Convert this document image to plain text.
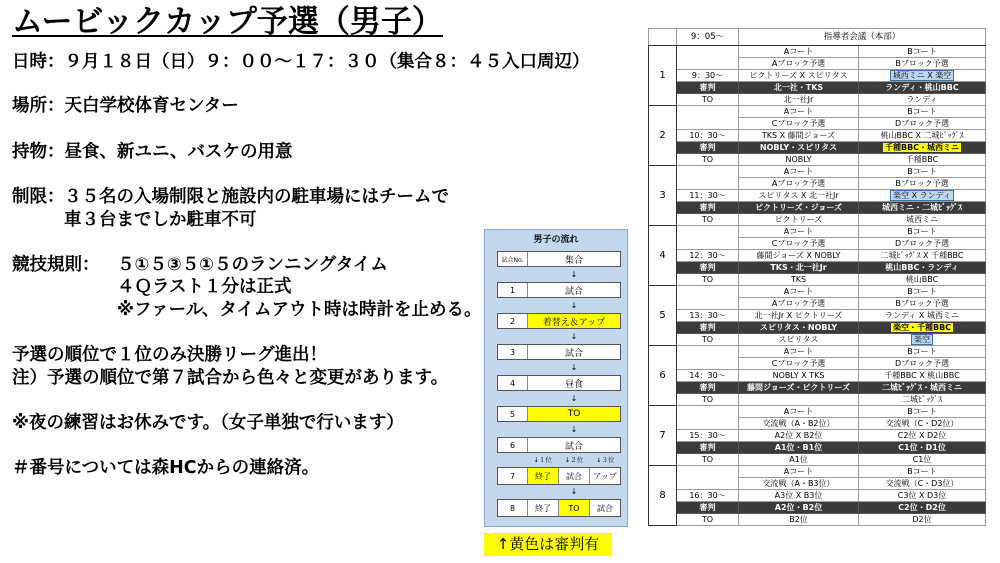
ムービックカップ予選（男子）
日時：９月１８日（日）９：００～１７：３０（集合８：４５入口周辺）
場所：天白学校体育センター
持物：昼食、新ユニ、バスケの用意
制限： ３５名の入場制限と施設内の駐車場にはチームで
車３台までしか駐車不可
競技規則： ５①５③５①５のランニングタイム
４Ｑラスト１分は正式
※ファール、タイムアウト時は時計を止める。
予選の順位で１位のみ決勝リーグ進出！
注）予選の順位で第７試合から色々と変更があります。
※夜の練習はお休みです。（女子単独で行います）
＃番号については森HCからの連絡済。
男子の流れ
試合No.	集合
↓
1	試合
↓
2	着替え＆アップ
↓
3	試合
↓
4	昼食
↓
5	TO
↓
6	試合
↓１位	↓２位	↓３位
7	終了	試合	アップ
↓
8	終了	TO	試合
↑黄色は審判有
	9：05～	指導者会議（本部）	
1		Aコート	Bコート
		Aブロック予選	Bブロック予選
	9：30～	ピクトリーズ X スピリタス	城西ミニ X 楽空
	審判	北一社・TKS	ランディ・桃山BBC
	TO	北一社Jr	ランディ
2		Aコート	Bコート
		Cブロック予選	Dブロック予選
	10：30～	TKS X 藤間ジョーズ	桃山BBC X 二城ﾋﾞｯｸﾞｽ
	審判	NOBLY・スピリタス	千種BBC・城西ミニ
	TO	NOBLY	千種BBC
3		Aコート	Bコート
		Aブロック予選	Bブロック予選
	11：30～	スピリタス X 北一社Jr	楽空 X ランディ
	審判	ピクトリーズ・ジョーズ	城西ミニ・二城ﾋﾞｯｸﾞｽ
	TO	ピクトリーズ	城西ミニ
4		Aコート	Bコート
		Cブロック予選	Dブロック予選
	12：30～	藤間ジョーズ X NOBLY	二城ﾋﾞｯｸﾞｽ X 千種BBC
	審判	TKS・北一社Jr	桃山BBC・ランディ
	TO	TKS	桃山BBC
5		Aコート	Bコート
		Aブロック予選	Bブロック予選
	13：30～	北一社Jr X ピクトリーズ	ランディ X 城西ミニ
	審判	スピリタス・NOBLY	楽空・千種BBC
	TO	スピリタス	楽空
6		Aコート	Bコート
		Cブロック予選	Dブロック予選
	14：30～	NOBLY X TKS	千種BBC X 桃山BBC
	審判	藤間ジョーズ・ピクトリーズ	二城ﾋﾞｯｸﾞｽ・城西ミニ
	TO		二城ﾋﾞｯｸﾞｽ
7		Aコート	Bコート
		交流戦（A・B2位）	交流戦（C・D2位）
	15：30～	A2位 X B2位	C2位 X D2位
	審判	A1位・B1位	C1位・D1位
	TO	A1位	C1位
8		Aコート	Bコート
		交流戦（A・B3位）	交流戦（C・D3位）
	16：30～	A3位 X B3位	C3位 X D3位
	審判	A2位・B2位	C2位・D2位
	TO	B2位	D2位
